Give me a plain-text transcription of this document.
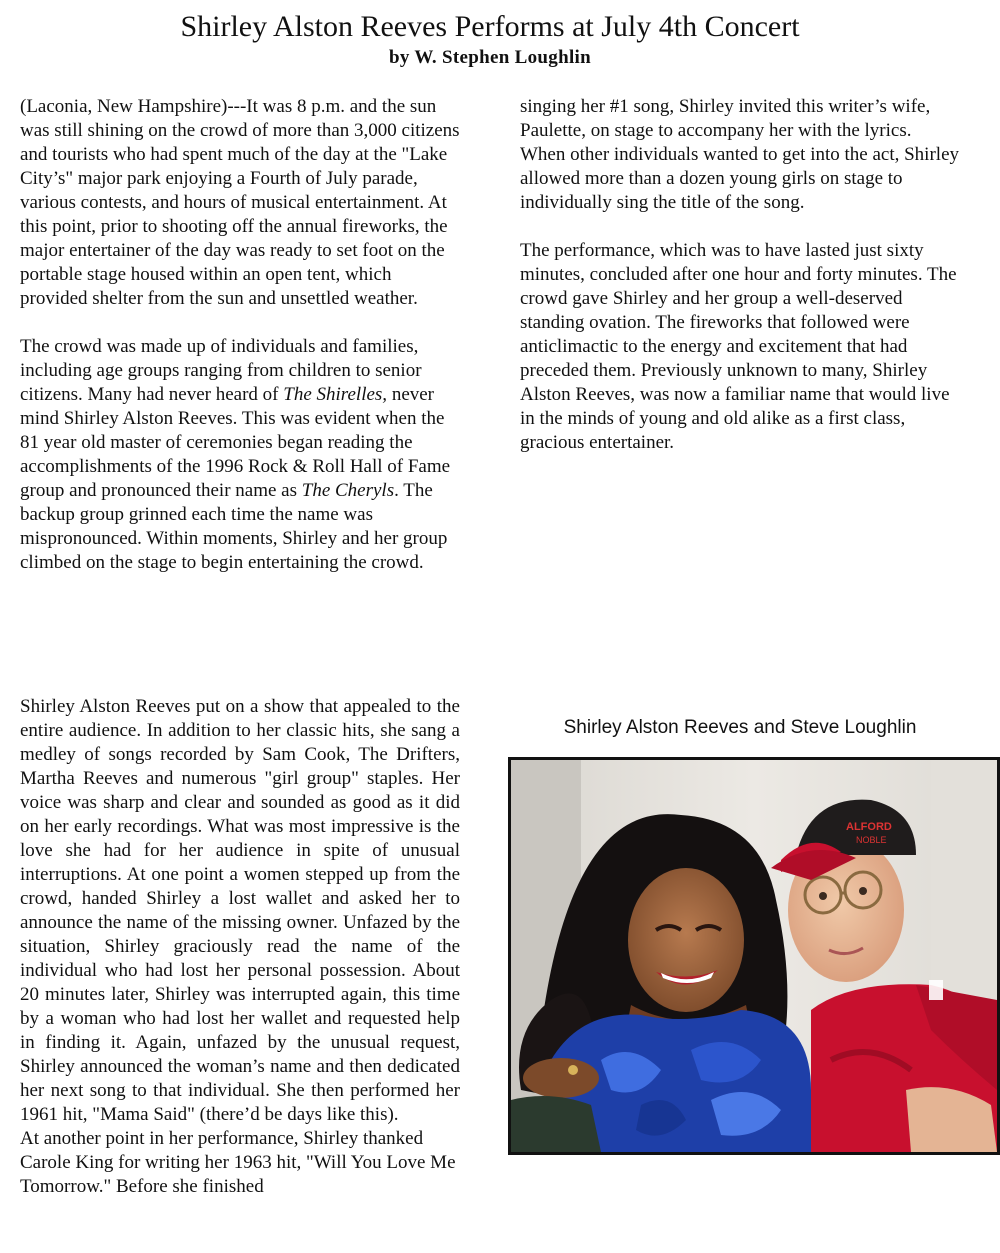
Shirley Alston Reeves Performs at July 4th Concert
by W. Stephen Loughlin

(Laconia, New Hampshire)---It was 8 p.m. and the sun was still shining on the crowd of more than 3,000 citizens and tourists who had spent much of the day at the "Lake City’s" major park enjoying a Fourth of July parade, various contests, and hours of musical entertainment. At this point, prior to shooting off the annual fireworks, the major entertainer of the day was ready to set foot on the portable stage housed within an open tent, which provided shelter from the sun and unsettled weather.

The crowd was made up of individuals and families, including age groups ranging from children to senior citizens. Many had never heard of The Shirelles, never mind Shirley Alston Reeves. This was evident when the 81 year old master of ceremonies began reading the accomplishments of the 1996 Rock & Roll Hall of Fame group and pronounced their name as The Cheryls. The backup group grinned each time the name was mispronounced. Within moments, Shirley and her group climbed on the stage to begin entertaining the crowd.

Shirley Alston Reeves put on a show that appealed to the entire audience. In addition to her classic hits, she sang a medley of songs recorded by Sam Cook, The Drifters, Martha Reeves and numerous "girl group" staples. Her voice was sharp and clear and sounded as good as it did on her early recordings. What was most impressive is the love she had for her audience in spite of unusual interruptions. At one point a women stepped up from the crowd, handed Shirley a lost wallet and asked her to announce the name of the missing owner. Unfazed by the situation, Shirley graciously read the name of the individual who had lost her personal possession. About 20 minutes later, Shirley was interrupted again, this time by a woman who had lost her wallet and requested help in finding it. Again, unfazed by the unusual request, Shirley announced the woman’s name and then dedicated her next song to that individual. She then performed her 1961 hit, "Mama Said" (there’d be days like this).

At another point in her performance, Shirley thanked Carole King for writing her 1963 hit, "Will You Love Me Tomorrow." Before she finished

singing her #1 song, Shirley invited this writer’s wife, Paulette, on stage to accompany her with the lyrics. When other individuals wanted to get into the act, Shirley allowed more than a dozen young girls on stage to individually sing the title of the song.

The performance, which was to have lasted just sixty minutes, concluded after one hour and forty minutes. The crowd gave Shirley and her group a well-deserved standing ovation. The fireworks that followed were anticlimactic to the energy and excitement that had preceded them. Previously unknown to many, Shirley Alston Reeves, was now a familiar name that would live in the minds of young and old alike as a first class, gracious entertainer.

Shirley Alston Reeves and Steve Loughlin
ALFORD
NOBLE
